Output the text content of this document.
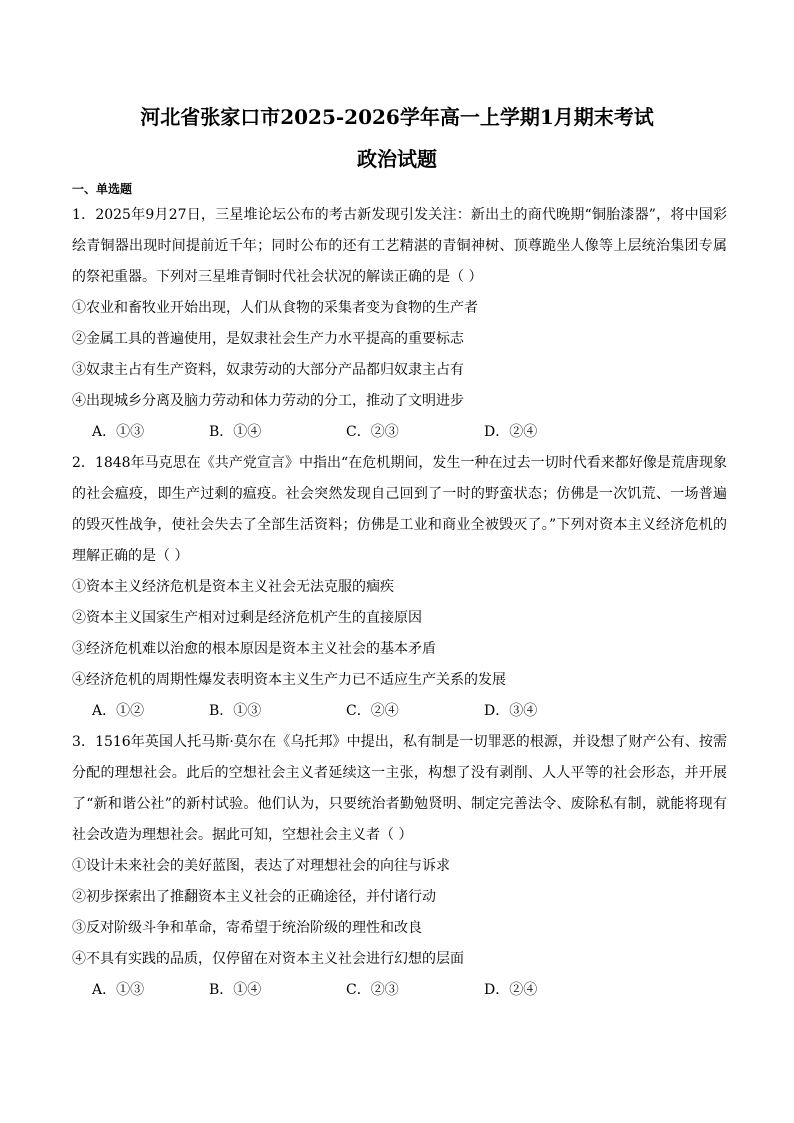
河北省张家口市2025-2026学年高一上学期1月期末考试
政治试题
一、单选题

1．2025年9月27日，三星堆论坛公布的考古新发现引发关注：新出土的商代晚期“铜胎漆器”，将中国彩绘青铜器出现时间提前近千年；同时公布的还有工艺精湛的青铜神树、顶尊跪坐人像等上层统治集团专属的祭祀重器。下列对三星堆青铜时代社会状况的解读正确的是（ ）

①农业和畜牧业开始出现，人们从食物的采集者变为食物的生产者
②金属工具的普遍使用，是奴隶社会生产力水平提高的重要标志
③奴隶主占有生产资料，奴隶劳动的大部分产品都归奴隶主占有
④出现城乡分离及脑力劳动和体力劳动的分工，推动了文明进步
A．①③	B．①④	C．②③	D．②④

2．1848年马克思在《共产党宣言》中指出“在危机期间，发生一种在过去一切时代看来都好像是荒唐现象的社会瘟疫，即生产过剩的瘟疫。社会突然发现自己回到了一时的野蛮状态；仿佛是一次饥荒、一场普遍的毁灭性战争，使社会失去了全部生活资料；仿佛是工业和商业全被毁灭了。”下列对资本主义经济危机的理解正确的是（ ）

①资本主义经济危机是资本主义社会无法克服的痼疾
②资本主义国家生产相对过剩是经济危机产生的直接原因
③经济危机难以治愈的根本原因是资本主义社会的基本矛盾
④经济危机的周期性爆发表明资本主义生产力已不适应生产关系的发展
A．①②	B．①③	C．②④	D．③④

3．1516年英国人托马斯·莫尔在《乌托邦》中提出，私有制是一切罪恶的根源，并设想了财产公有、按需分配的理想社会。此后的空想社会主义者延续这一主张，构想了没有剥削、人人平等的社会形态，并开展了“新和谐公社”的新村试验。他们认为，只要统治者勤勉贤明、制定完善法令、废除私有制，就能将现有社会改造为理想社会。据此可知，空想社会主义者（ ）

①设计未来社会的美好蓝图，表达了对理想社会的向往与诉求
②初步探索出了推翻资本主义社会的正确途径，并付诸行动
③反对阶级斗争和革命，寄希望于统治阶级的理性和改良
④不具有实践的品质，仅停留在对资本主义社会进行幻想的层面
A．①③	B．①④	C．②③	D．②④
